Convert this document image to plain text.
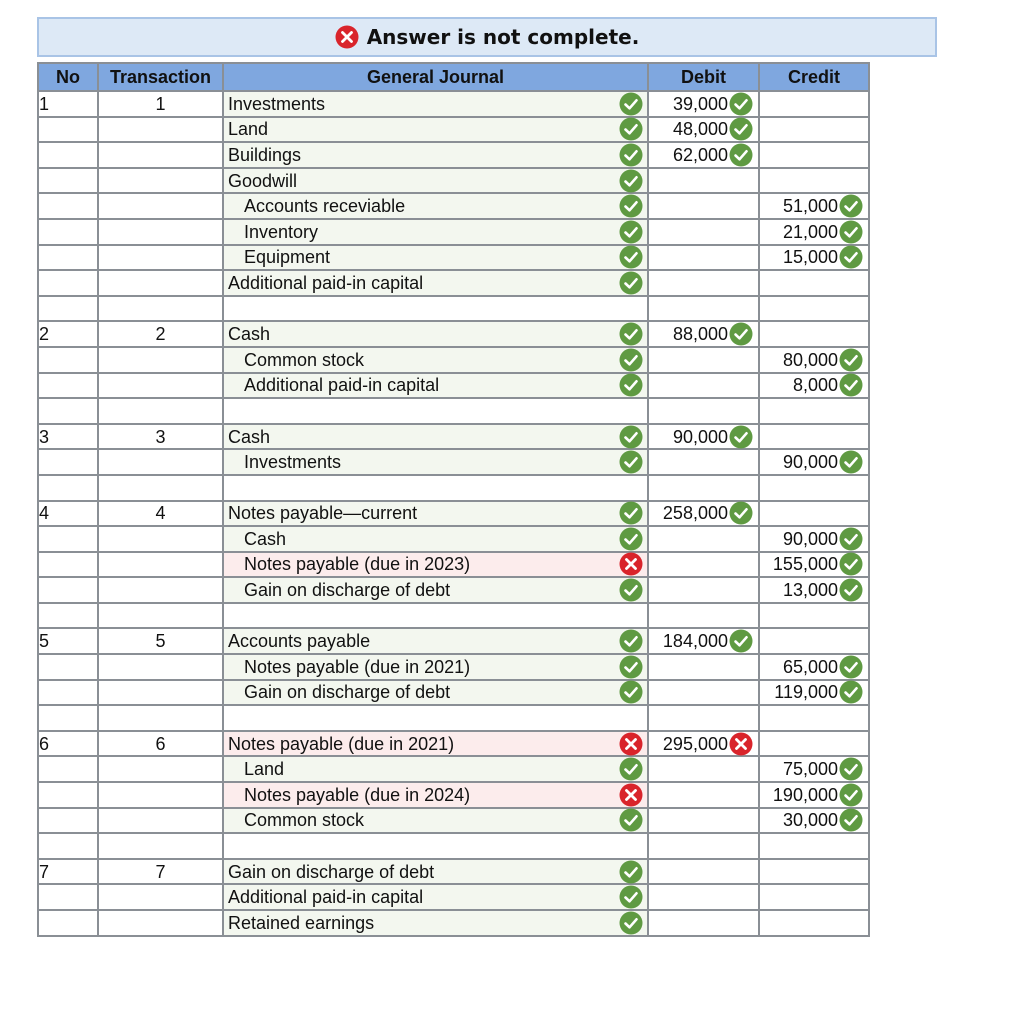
Answer is not complete.
No	Transaction	General Journal	Debit	Credit
1	1	Investments	39,000	

		Land	48,000	

		Buildings	62,000	

		Goodwill		

		Accounts receviable		51,000

		Inventory		21,000

		Equipment		15,000

		Additional paid-in capital		

2	2	Cash	88,000	

		Common stock		80,000

		Additional paid-in capital		8,000

3	3	Cash	90,000	

		Investments		90,000

4	4	Notes payable—current	258,000	

		Cash		90,000

		Notes payable (due in 2023)		155,000

		Gain on discharge of debt		13,000

5	5	Accounts payable	184,000	

		Notes payable (due in 2021)		65,000

		Gain on discharge of debt		119,000

6	6	Notes payable (due in 2021)	295,000	

		Land		75,000

		Notes payable (due in 2024)		190,000

		Common stock		30,000

7	7	Gain on discharge of debt		

		Additional paid-in capital		

		Retained earnings		
